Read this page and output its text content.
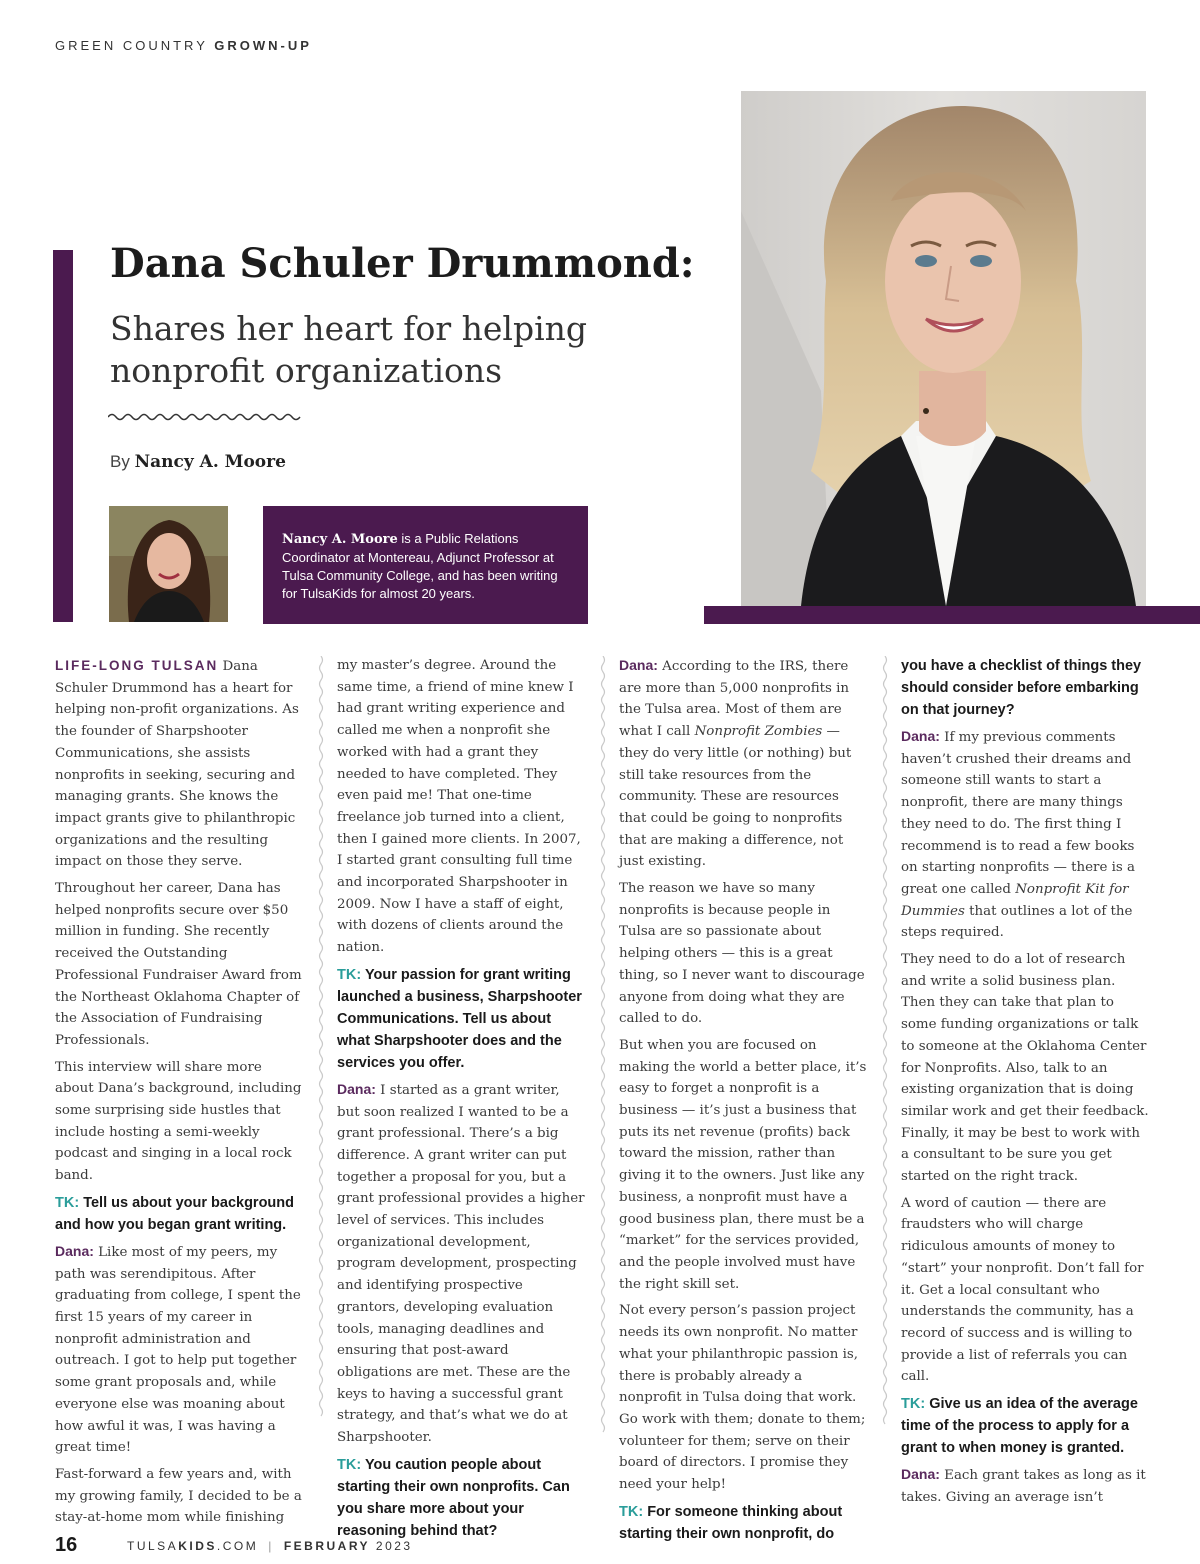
GREEN COUNTRY GROWN-UP
Dana Schuler Drummond:
Shares her heart for helping nonprofit organizations
By Nancy A. Moore
Nancy A. Moore is a Public Relations Coordinator at Montereau, Adjunct Professor at Tulsa Community College, and has been writing for TulsaKids for almost 20 years.

LIFE-LONG TULSAN Dana Schuler Drummond has a heart for helping non-profit organizations. As the founder of Sharpshooter Communications, she assists nonprofits in seeking, securing and managing grants. She knows the impact grants give to philanthropic organizations and the resulting impact on those they serve.

Throughout her career, Dana has helped nonprofits secure over $50 million in funding. She recently received the Outstanding Professional Fundraiser Award from the Northeast Oklahoma Chapter of the Association of Fundraising Professionals.

This interview will share more about Dana’s background, including some surprising side hustles that include hosting a semi-weekly podcast and singing in a local rock band.

TK: Tell us about your background and how you began grant writing.

Dana: Like most of my peers, my path was serendipitous. After graduating from college, I spent the first 15 years of my career in nonprofit administration and outreach. I got to help put together some grant proposals and, while everyone else was moaning about how awful it was, I was having a great time!

Fast-forward a few years and, with my growing family, I decided to be a stay-at-home mom while finishing

my master’s degree. Around the same time, a friend of mine knew I had grant writing experience and called me when a nonprofit she worked with had a grant they needed to have completed. They even paid me! That one-time freelance job turned into a client, then I gained more clients. In 2007, I started grant consulting full time and incorporated Sharpshooter in 2009. Now I have a staff of eight, with dozens of clients around the nation.

TK: Your passion for grant writing launched a business, Sharpshooter Communications. Tell us about what Sharpshooter does and the services you offer.

Dana: I started as a grant writer, but soon realized I wanted to be a grant professional. There’s a big difference. A grant writer can put together a proposal for you, but a grant professional provides a higher level of services. This includes organizational development, program development, prospecting and identifying prospective grantors, developing evaluation tools, managing deadlines and ensuring that post-award obligations are met. These are the keys to having a successful grant strategy, and that’s what we do at Sharpshooter.

TK: You caution people about starting their own nonprofits. Can you share more about your reasoning behind that?

Dana: According to the IRS, there are more than 5,000 nonprofits in the Tulsa area. Most of them are what I call Nonprofit Zombies — they do very little (or nothing) but still take resources from the community. These are resources that could be going to nonprofits that are making a difference, not just existing.

The reason we have so many nonprofits is because people in Tulsa are so passionate about helping others — this is a great thing, so I never want to discourage anyone from doing what they are called to do.

But when you are focused on making the world a better place, it’s easy to forget a nonprofit is a business — it’s just a business that puts its net revenue (profits) back toward the mission, rather than giving it to the owners. Just like any business, a nonprofit must have a good business plan, there must be a “market” for the services provided, and the people involved must have the right skill set.

Not every person’s passion project needs its own nonprofit. No matter what your philanthropic passion is, there is probably already a nonprofit in Tulsa doing that work. Go work with them; donate to them; volunteer for them; serve on their board of directors. I promise they need your help!

TK: For someone thinking about starting their own nonprofit, do

you have a checklist of things they should consider before embarking on that journey?

Dana: If my previous comments haven’t crushed their dreams and someone still wants to start a nonprofit, there are many things they need to do. The first thing I recommend is to read a few books on starting nonprofits — there is a great one called Nonprofit Kit for Dummies that outlines a lot of the steps required.

They need to do a lot of research and write a solid business plan. Then they can take that plan to some funding organizations or talk to someone at the Oklahoma Center for Nonprofits. Also, talk to an existing organization that is doing similar work and get their feedback. Finally, it may be best to work with a consultant to be sure you get started on the right track.

A word of caution — there are fraudsters who will charge ridiculous amounts of money to “start” your nonprofit. Don’t fall for it. Get a local consultant who understands the community, has a record of success and is willing to provide a list of referrals you can call.

TK: Give us an idea of the average time of the process to apply for a grant to when money is granted.

Dana: Each grant takes as long as it takes. Giving an average isn’t

16	TULSAKIDS.COM | FEBRUARY 2023
